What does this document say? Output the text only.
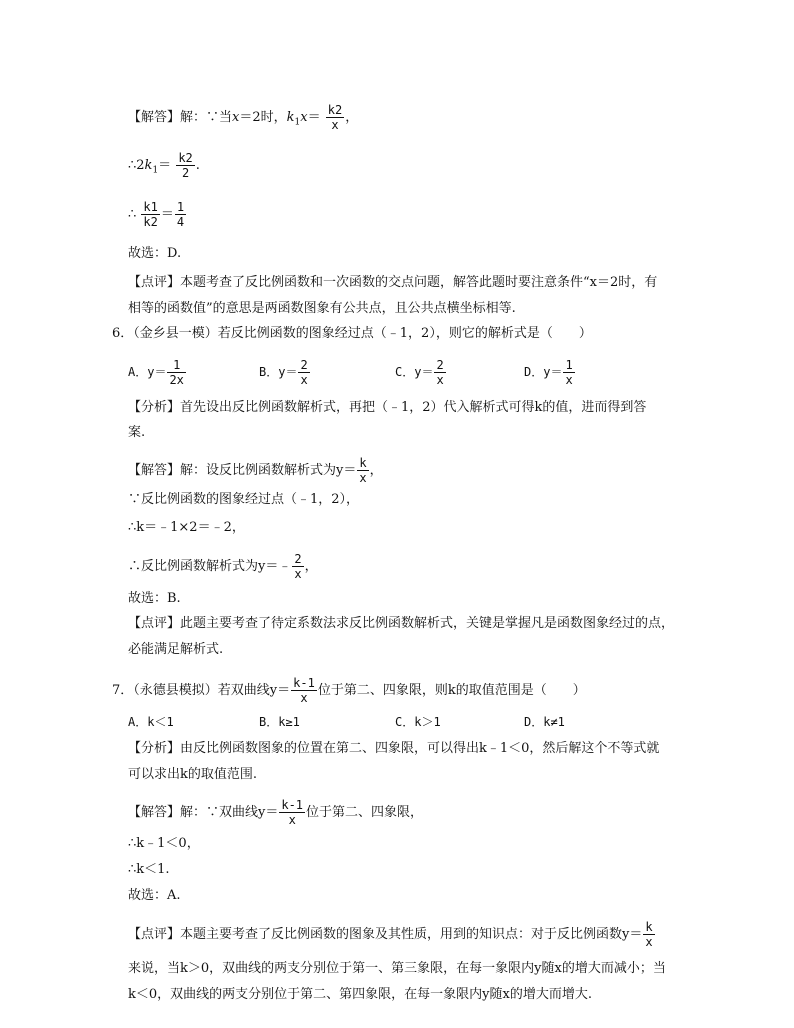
【解答】解：∵当x＝2时，$k_1x= \frac{k2}{x}$ ，
$\therefore 2k_1= \frac{k2}{2}$ .
∴ $\frac{k1}{k2} = \frac{1}{4}$
故选：D.
【点评】本题考查了反比例函数和一次函数的交点问题，解答此题时要注意条件“x＝2时，有
相等的函数值”的意思是两函数图象有公共点，且公共点横坐标相等.
6．（金乡县一模）若反比例函数的图象经过点（﹣1，2），则它的解析式是（　　）
A．$y= \frac{1}{2x}$	B．$y= \frac{2}{x}$	C．$y= \frac{2}{x}$	D．$y= \frac{1}{x}$
【分析】首先设出反比例函数解析式，再把（﹣1，2）代入解析式可得k的值，进而得到答
案.
【解答】解：设反比例函数解析式为$y= \frac{k}{x}$ ，
∵反比例函数的图象经过点（﹣1，2），
∴k＝﹣1×2＝﹣2，
∴反比例函数解析式为y＝﹣ $\frac{2}{x}$ ，
故选：B.
【点评】此题主要考查了待定系数法求反比例函数解析式，关键是掌握凡是函数图象经过的点，
必能满足解析式.
7．（永德县模拟）若双曲线$y= \frac{k-1}{x}$ 位于第二、四象限，则k的取值范围是（　　）
A．k＜1	B．k≥1	C．k＞1	D．k≠1
【分析】由反比例函数图象的位置在第二、四象限，可以得出k﹣1＜0，然后解这个不等式就
可以求出k的取值范围.
【解答】解：∵双曲线$y= \frac{k-1}{x}$ 位于第二、四象限，
∴k﹣1＜0，
∴k＜1.
故选：A.
【点评】本题主要考查了反比例函数的图象及其性质，用到的知识点：对于反比例函数$y= \frac{k}{x}$
来说，当k＞0，双曲线的两支分别位于第一、第三象限，在每一象限内y随x的增大而减小；当
k＜0，双曲线的两支分别位于第二、第四象限，在每一象限内y随x的增大而增大.
